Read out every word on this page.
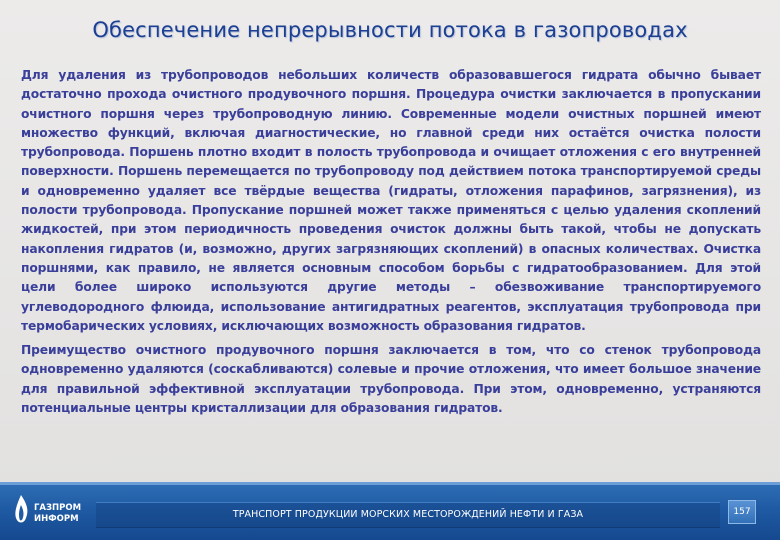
Обеспечение непрерывности потока в газопроводах

Для удаления из трубопроводов небольших количеств образовавшегося гидрата обычно бывает достаточно прохода очистного продувочного поршня. Процедура очистки заключается в пропускании очистного поршня через трубопроводную линию. Современные модели очистных поршней имеют множество функций, включая диагностические, но главной среди них остаётся очистка полости трубопровода. Поршень плотно входит в полость трубопровода и очищает отложения с его внутренней поверхности. Поршень перемещается по трубопроводу под действием потока транспортируемой среды и одновременно удаляет все твёрдые вещества (гидраты, отложения парафинов, загрязнения), из полости трубопровода. Пропускание поршней может также применяться с целью удаления скоплений жидкостей, при этом периодичность проведения очисток должны быть такой, чтобы не допускать накопления гидратов (и, возможно, других загрязняющих скоплений) в опасных количествах. Очистка поршнями, как правило, не является основным способом борьбы с гидратообразованием. Для этой цели более широко используются другие методы – обезвоживание транспортируемого углеводородного флюида, использование антигидратных реагентов, эксплуатация трубопровода при термобарических условиях, исключающих возможность образования гидратов.

Преимущество очистного продувочного поршня заключается в том, что со стенок трубопровода одновременно удаляются (соскабливаются) солевые и прочие отложения, что имеет большое значение для правильной эффективной эксплуатации трубопровода. При этом, одновременно, устраняются потенциальные центры кристаллизации для образования гидратов.

ГАЗПРОМ
ИНФОРМ	ТРАНСПОРТ ПРОДУКЦИИ МОРСКИХ МЕСТОРОЖДЕНИЙ НЕФТИ И ГАЗА	157
